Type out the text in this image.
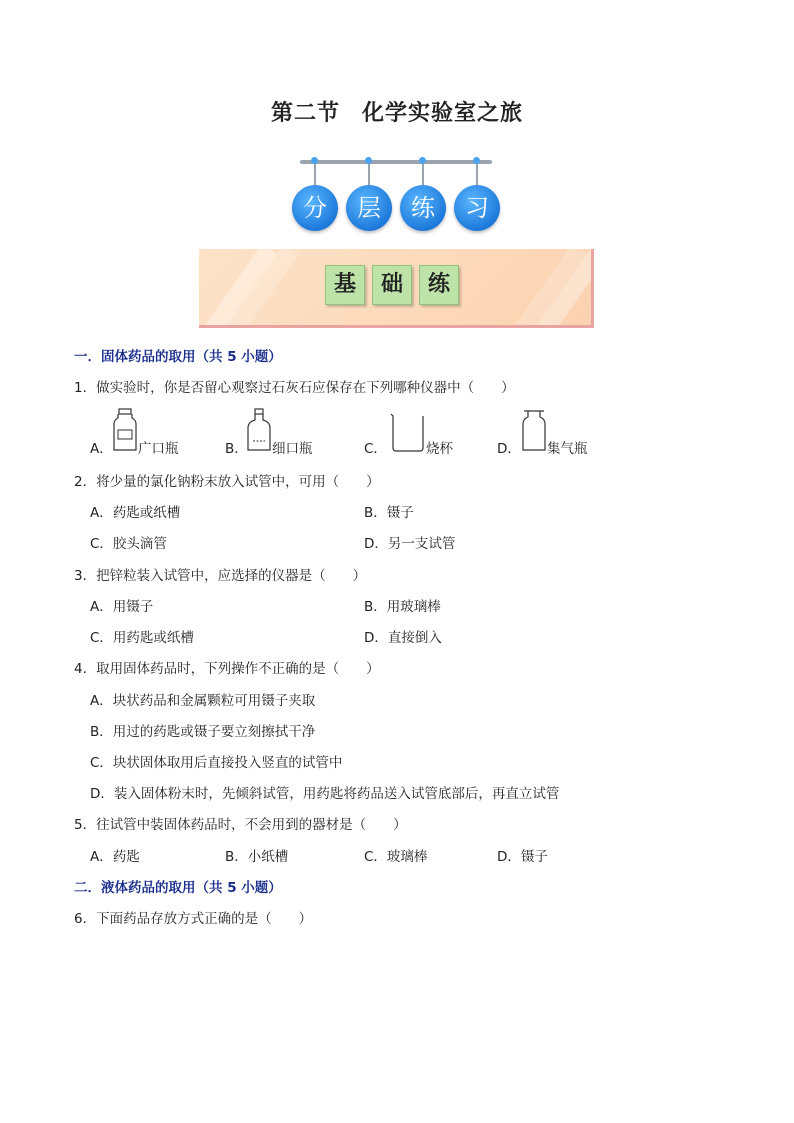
第二节 化学实验室之旅
分	层	练	习
基	础	练
一．固体药品的取用（共 5 小题）
1．做实验时，你是否留心观察过石灰石应保存在下列哪种仪器中（　　）
A． 广口瓶	B． 细口瓶	C．	烧杯	D． 集气瓶
2．将少量的氯化钠粉末放入试管中，可用（　　）
A．药匙或纸槽	B．镊子
C．胶头滴管	D．另一支试管
3．把锌粒装入试管中，应选择的仪器是（　　）
A．用镊子	B．用玻璃棒
C．用药匙或纸槽	D．直接倒入
4．取用固体药品时，下列操作不正确的是（　　）
A．块状药品和金属颗粒可用镊子夹取
B．用过的药匙或镊子要立刻擦拭干净
C．块状固体取用后直接投入竖直的试管中
D．装入固体粉末时，先倾斜试管，用药匙将药品送入试管底部后，再直立试管
5．往试管中装固体药品时，不会用到的器材是（　　）
A．药匙	B．小纸槽	C．玻璃棒	D．镊子
二．液体药品的取用（共 5 小题）
6．下面药品存放方式正确的是（　　）
